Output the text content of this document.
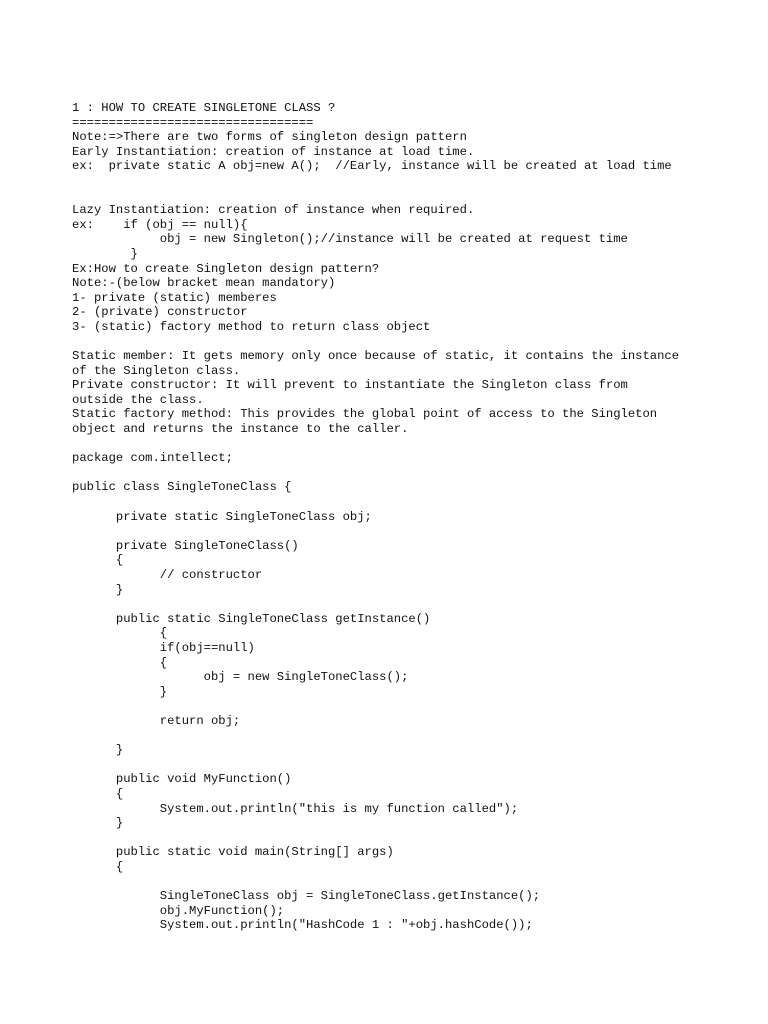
1 : HOW TO CREATE SINGLETONE CLASS ?
=================================
Note:=>There are two forms of singleton design pattern
Early Instantiation: creation of instance at load time.
ex:  private static A obj=new A();  //Early, instance will be created at load time
Lazy Instantiation: creation of instance when required.
ex:    if (obj == null){
obj = new Singleton();//instance will be created at request time
}
Ex:How to create Singleton design pattern?
Note:-(below bracket mean mandatory)
1- private (static) memberes
2- (private) constructor
3- (static) factory method to return class object
Static member: It gets memory only once because of static, it contains the instance
of the Singleton class.
Private constructor: It will prevent to instantiate the Singleton class from
outside the class.
Static factory method: This provides the global point of access to the Singleton
object and returns the instance to the caller.
package com.intellect;
public class SingleToneClass {
private static SingleToneClass obj;
private SingleToneClass()
{
// constructor
}
public static SingleToneClass getInstance()
{
if(obj==null)
{
obj = new SingleToneClass();
}
return obj;
}
public void MyFunction()
{
System.out.println("this is my function called");
}
public static void main(String[] args)
{
SingleToneClass obj = SingleToneClass.getInstance();
obj.MyFunction();
System.out.println("HashCode 1 : "+obj.hashCode());
